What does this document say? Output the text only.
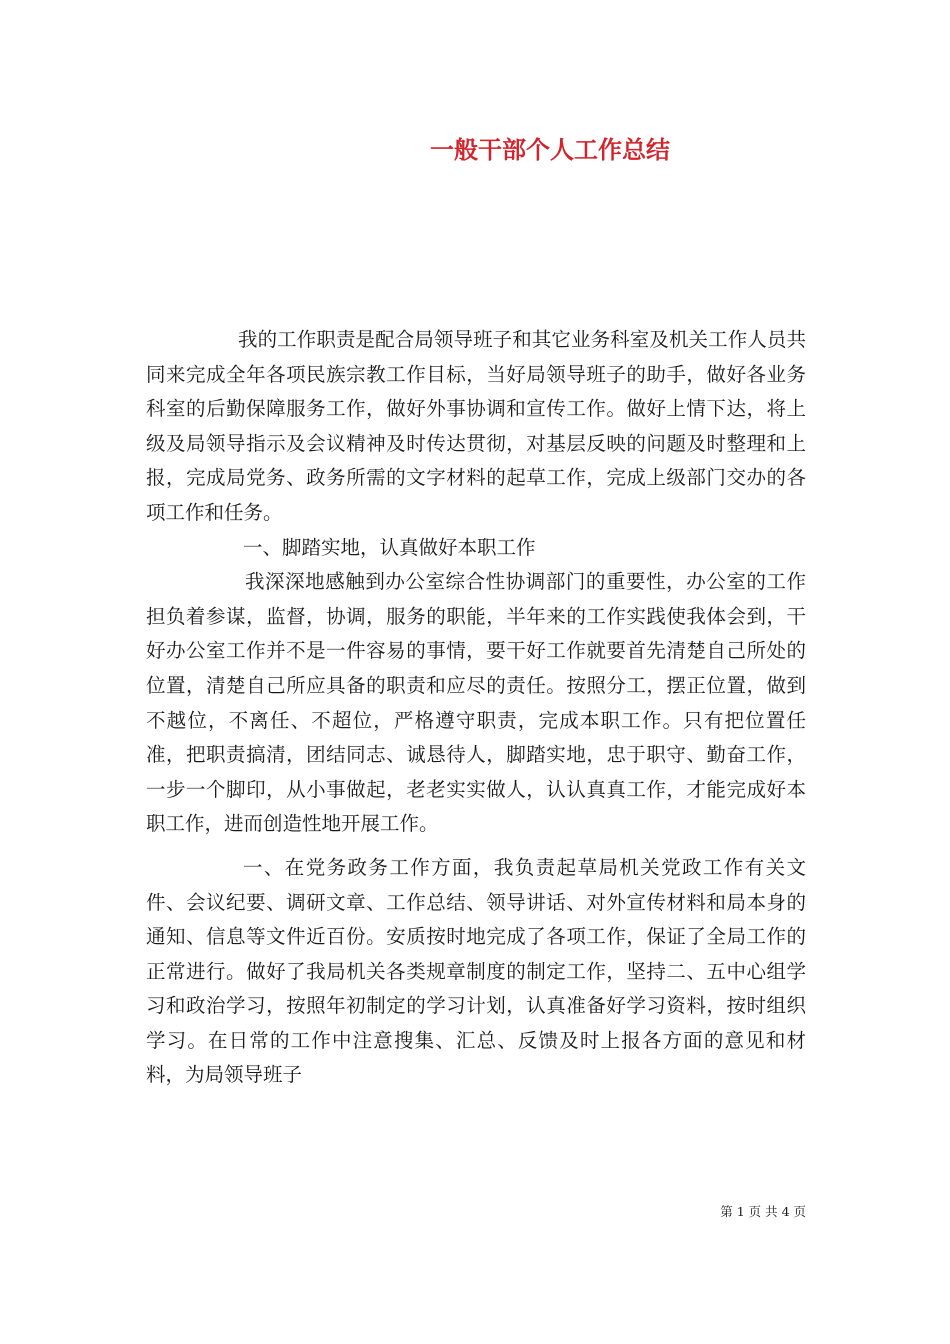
一般干部个人工作总结

我的工作职责是配合局领导班子和其它业务科室及机关工作人员共同来完成全年各项民族宗教工作目标，当好局领导班子的助手，做好各业务科室的后勤保障服务工作，做好外事协调和宣传工作。做好上情下达，将上级及局领导指示及会议精神及时传达贯彻，对基层反映的问题及时整理和上报，完成局党务、政务所需的文字材料的起草工作，完成上级部门交办的各项工作和任务。

一、脚踏实地，认真做好本职工作

我深深地感触到办公室综合性协调部门的重要性，办公室的工作担负着参谋，监督，协调，服务的职能，半年来的工作实践使我体会到，干好办公室工作并不是一件容易的事情，要干好工作就要首先清楚自己所处的位置，清楚自己所应具备的职责和应尽的责任。按照分工，摆正位置，做到不越位，不离任、不超位，严格遵守职责，完成本职工作。只有把位置任准，把职责搞清，团结同志、诚恳待人，脚踏实地，忠于职守、勤奋工作，一步一个脚印，从小事做起，老老实实做人，认认真真工作，才能完成好本职工作，进而创造性地开展工作。

一、在党务政务工作方面，我负责起草局机关党政工作有关文件、会议纪要、调研文章、工作总结、领导讲话、对外宣传材料和局本身的通知、信息等文件近百份。安质按时地完成了各项工作，保证了全局工作的正常进行。做好了我局机关各类规章制度的制定工作，坚持二、五中心组学习和政治学习，按照年初制定的学习计划，认真准备好学习资料，按时组织学习。在日常的工作中注意搜集、汇总、反馈及时上报各方面的意见和材料，为局领导班子

第 1 页 共 4 页
